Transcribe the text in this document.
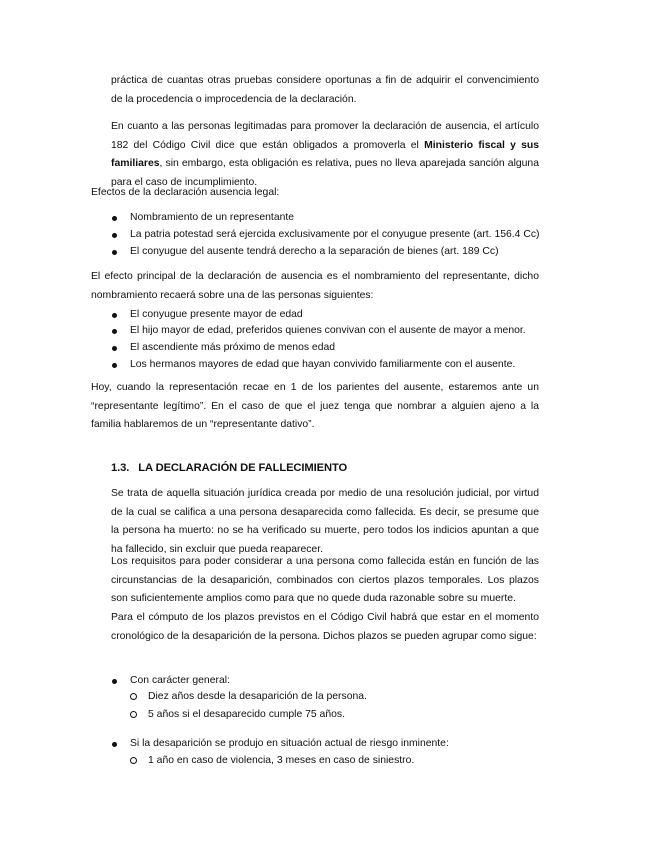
práctica de cuantas otras pruebas considere oportunas a fin de adquirir el convencimiento de la procedencia o improcedencia de la declaración.

En cuanto a las personas legitimadas para promover la declaración de ausencia, el artículo 182 del Código Civil dice que están obligados a promoverla el Ministerio fiscal y sus familiares, sin embargo, esta obligación es relativa, pues no lleva aparejada sanción alguna para el caso de incumplimiento.

Efectos de la declaración ausencia legal:

Nombramiento de un representante
La patria potestad será ejercida exclusivamente por el conyugue presente (art. 156.4 Cc)
El conyugue del ausente tendrá derecho a la separación de bienes (art. 189 Cc)

El efecto principal de la declaración de ausencia es el nombramiento del representante, dicho nombramiento recaerá sobre una de las personas siguientes:

El conyugue presente mayor de edad
El hijo mayor de edad, preferidos quienes convivan con el ausente de mayor a menor.
El ascendiente más próximo de menos edad
Los hermanos mayores de edad que hayan convivido familiarmente con el ausente.

Hoy, cuando la representación recae en 1 de los parientes del ausente, estaremos ante un “representante legítimo”. En el caso de que el juez tenga que nombrar a alguien ajeno a la familia hablaremos de un “representante dativo”.

1.3. LA DECLARACIÓN DE FALLECIMIENTO

Se trata de aquella situación jurídica creada por medio de una resolución judicial, por virtud de la cual se califica a una persona desaparecida como fallecida. Es decir, se presume que la persona ha muerto: no se ha verificado su muerte, pero todos los indicios apuntan a que ha fallecido, sin excluir que pueda reaparecer.

Los requisitos para poder considerar a una persona como fallecida están en función de las circunstancias de la desaparición, combinados con ciertos plazos temporales. Los plazos son suficientemente amplios como para que no quede duda razonable sobre su muerte.

Para el cómputo de los plazos previstos en el Código Civil habrá que estar en el momento cronológico de la desaparición de la persona. Dichos plazos se pueden agrupar como sigue:

Con carácter general:
Diez años desde la desaparición de la persona.
5 años si el desaparecido cumple 75 años.
Si la desaparición se produjo en situación actual de riesgo inminente:
1 año en caso de violencia, 3 meses en caso de siniestro.
